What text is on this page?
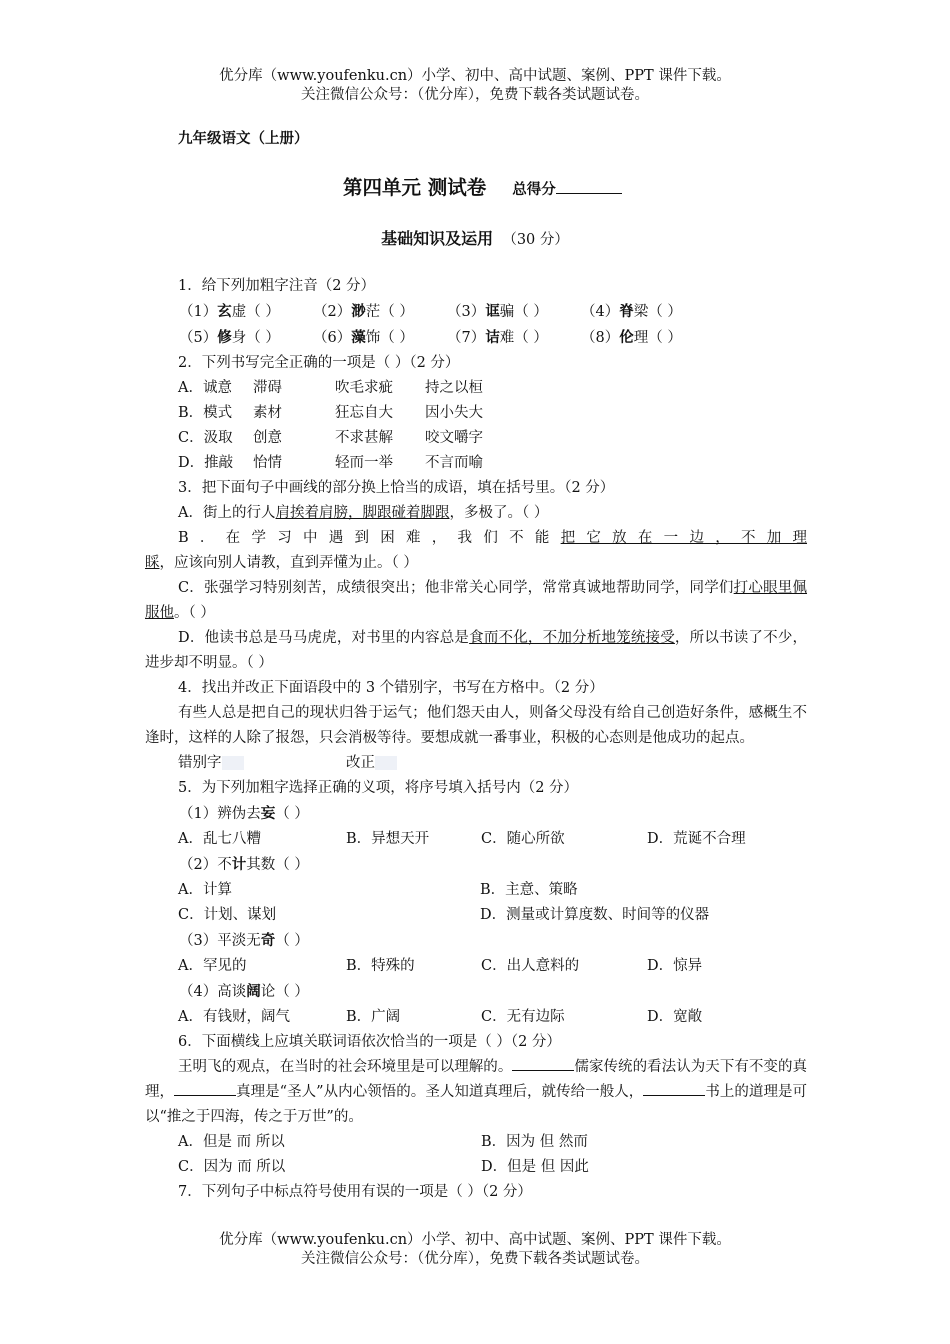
优分库（www.youfenku.cn）小学、初中、高中试题、案例、PPT 课件下载。
关注微信公众号：（优分库），免费下载各类试题试卷。
九年级语文（上册）
第四单元 测试卷 总得分
基础知识及运用 （30 分）
1．给下列加粗字注音（2 分）
（1）玄虚（ ） （2）渺茫（ ） （3）诓骗（ ） （4）脊梁（ ）
（5）修身（ ） （6）藻饰（ ） （7）诘难（ ） （8）伦理（ ）
2．下列书写完全正确的一项是（ ）（2 分）
A．诚意 滞碍	吹毛求疵 持之以桓
B．模式 素材	狂忘自大 因小失大
C．汲取 创意	不求甚解 咬文嚼字
D．推敲 怡情	轻而一举 不言而喻
3．把下面句子中画线的部分换上恰当的成语，填在括号里。（2 分）
A．街上的行人肩挨着肩膀，脚跟碰着脚跟，多极了。（ ）
B．在学习中遇到困难，我们不能把它放在一边，不加理睬，应该向别人请教，直到弄懂为止。（ ）
C．张强学习特别刻苦，成绩很突出；他非常关心同学，常常真诚地帮助同学，同学们打心眼里佩服他。（ ）
D．他读书总是马马虎虎，对书里的内容总是食而不化，不加分析地笼统接受，所以书读了不少，进步却不明显。（ ）
4．找出并改正下面语段中的 3 个错别字，书写在方格中。（2 分）
有些人总是把自己的现状归咎于运气；他们怨天由人，则备父母没有给自己创造好条件，感概生不逢时，这样的人除了报怨，只会消极等待。要想成就一番事业，积极的心态则是他成功的起点。
错别字	改正
5．为下列加粗字选择正确的义项，将序号填入括号内（2 分）
（1）辨伪去妄（ ）
A．乱七八糟	B．异想天开	C．随心所欲	D．荒诞不合理
（2）不计其数（ ）
A．计算	B．主意、策略
C．计划、谋划	D．测量或计算度数、时间等的仪器
（3）平淡无奇（ ）
A．罕见的	B．特殊的	C．出人意料的	D．惊异
（4）高谈阔论（ ）
A．有钱财，阔气	B．广阔	C．无有边际	D．宽敞
6．下面横线上应填关联词语依次恰当的一项是（ ）（2 分）
王明飞的观点，在当时的社会环境里是可以理解的。	儒家传统的看法认为天下有不变的真理，	真理是“圣人”从内心领悟的。圣人知道真理后，就传给一般人，	书上的道理是可以“推之于四海，传之于万世”的。
A．但是 而 所以	B．因为 但 然而
C．因为 而 所以	D．但是 但 因此
7．下列句子中标点符号使用有误的一项是（ ）（2 分）
优分库（www.youfenku.cn）小学、初中、高中试题、案例、PPT 课件下载。
关注微信公众号：（优分库），免费下载各类试题试卷。
